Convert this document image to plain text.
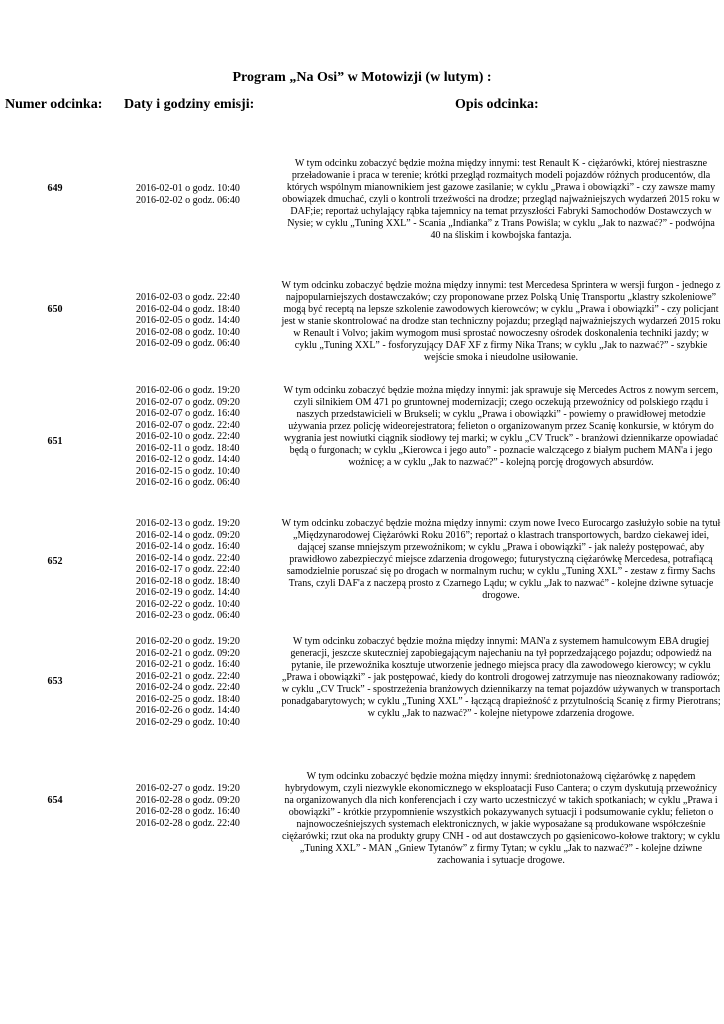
Program „Na Osi” w Motowizji (w lutym) :
Numer odcinka: Daty i godziny emisji:	Opis odcinka:
649	2016-02-01 o godz. 10:40
2016-02-02 o godz. 06:40
W tym odcinku zobaczyć będzie można między innymi: test Renault K - ciężarówki, której niestraszne przeładowanie i praca w terenie; krótki przegląd rozmaitych modeli pojazdów różnych producentów, dla których wspólnym mianownikiem jest gazowe zasilanie; w cyklu „Prawa i obowiązki” - czy zawsze mamy obowiązek dmuchać, czyli o kontroli trzeźwości na drodze; przegląd najważniejszych wydarzeń 2015 roku w DAF;ie; reportaż uchylający rąbka tajemnicy na temat przyszłości Fabryki Samochodów Dostawczych w Nysie; w cyklu „Tuning XXL” - Scania „Indianka” z Trans Powiśla; w cyklu „Jak to nazwać?” - podwójna 40 na śliskim i kowbojska fantazja.
650
2016-02-03 o godz. 22:40
2016-02-04 o godz. 18:40
2016-02-05 o godz. 14:40
2016-02-08 o godz. 10:40
2016-02-09 o godz. 06:40
W tym odcinku zobaczyć będzie można między innymi: test Mercedesa Sprintera w wersji furgon - jednego z najpopularniejszych dostawczaków; czy proponowane przez Polską Unię Transportu „klastry szkoleniowe” mogą być receptą na lepsze szkolenie zawodowych kierowców; w cyklu „Prawa i obowiązki” - czy policjant jest w stanie skontrolować na drodze stan techniczny pojazdu; przegląd najważniejszych wydarzeń 2015 roku w Renault i Volvo; jakim wymogom musi sprostać nowoczesny ośrodek doskonalenia techniki jazdy; w cyklu „Tuning XXL” - fosforyzujący DAF XF z firmy Nika Trans; w cyklu „Jak to nazwać?” - szybkie wejście smoka i nieudolne usiłowanie.
651
2016-02-06 o godz. 19:20
2016-02-07 o godz. 09:20
2016-02-07 o godz. 16:40
2016-02-07 o godz. 22:40
2016-02-10 o godz. 22:40
2016-02-11 o godz. 18:40
2016-02-12 o godz. 14:40
2016-02-15 o godz. 10:40
2016-02-16 o godz. 06:40
W tym odcinku zobaczyć będzie można między innymi: jak sprawuje się Mercedes Actros z nowym sercem, czyli silnikiem OM 471 po gruntownej modernizacji; czego oczekują przewoźnicy od polskiego rządu i naszych przedstawicieli w Brukseli; w cyklu „Prawa i obowiązki” - powiemy o prawidłowej metodzie używania przez policję wideorejestratora; felieton o organizowanym przez Scanię konkursie, w którym do wygrania jest nowiutki ciągnik siodłowy tej marki; w cyklu „CV Truck” - branżowi dziennikarze opowiadać będą o furgonach; w cyklu „Kierowca i jego auto” - poznacie walczącego z białym puchem MAN'a i jego woźnicę; a w cyklu „Jak to nazwać?” - kolejną porcję drogowych absurdów.
652
2016-02-13 o godz. 19:20
2016-02-14 o godz. 09:20
2016-02-14 o godz. 16:40
2016-02-14 o godz. 22:40
2016-02-17 o godz. 22:40
2016-02-18 o godz. 18:40
2016-02-19 o godz. 14:40
2016-02-22 o godz. 10:40
2016-02-23 o godz. 06:40
W tym odcinku zobaczyć będzie można między innymi: czym nowe Iveco Eurocargo zasłużyło sobie na tytuł „Międzynarodowej Ciężarówki Roku 2016”; reportaż o klastrach transportowych, bardzo ciekawej idei, dającej szanse mniejszym przewoźnikom; w cyklu „Prawa i obowiązki” - jak należy postępować, aby prawidłowo zabezpieczyć miejsce zdarzenia drogowego; futurystyczną ciężarówkę Mercedesa, potrafiącą samodzielnie poruszać się po drogach w normalnym ruchu; w cyklu „Tuning XXL” - zestaw z firmy Sachs Trans, czyli DAF'a z naczepą prosto z Czarnego Lądu; w cyklu „Jak to nazwać” - kolejne dziwne sytuacje drogowe.
653
2016-02-20 o godz. 19:20
2016-02-21 o godz. 09:20
2016-02-21 o godz. 16:40
2016-02-21 o godz. 22:40
2016-02-24 o godz. 22:40
2016-02-25 o godz. 18:40
2016-02-26 o godz. 14:40
2016-02-29 o godz. 10:40
W tym odcinku zobaczyć będzie można między innymi: MAN'a z systemem hamulcowym EBA drugiej generacji, jeszcze skuteczniej zapobiegającym najechaniu na tył poprzedzającego pojazdu; odpowiedź na pytanie, ile przewoźnika kosztuje utworzenie jednego miejsca pracy dla zawodowego kierowcy; w cyklu „Prawa i obowiązki” - jak postępować, kiedy do kontroli drogowej zatrzymuje nas nieoznakowany radiowóz; w cyklu „CV Truck” - spostrzeżenia branżowych dziennikarzy na temat pojazdów używanych w transportach ponadgabarytowych; w cyklu „Tuning XXL” - łączącą drapieżność z przytulnością Scanię z firmy Pierotrans; w cyklu „Jak to nazwać?” - kolejne nietypowe zdarzenia drogowe.
654
2016-02-27 o godz. 19:20
2016-02-28 o godz. 09:20
2016-02-28 o godz. 16:40
2016-02-28 o godz. 22:40
W tym odcinku zobaczyć będzie można między innymi: średniotonażową ciężarówkę z napędem hybrydowym, czyli niezwykle ekonomicznego w eksploatacji Fuso Cantera; o czym dyskutują przewoźnicy na organizowanych dla nich konferencjach i czy warto uczestniczyć w takich spotkaniach; w cyklu „Prawa i obowiązki” - krótkie przypomnienie wszystkich pokazywanych sytuacji i podsumowanie cyklu; felieton o najnowocześniejszych systemach elektronicznych, w jakie wyposażane są produkowane współcześnie ciężarówki; rzut oka na produkty grupy CNH - od aut dostawczych po gąsienicowo-kołowe traktory; w cyklu „Tuning XXL” - MAN „Gniew Tytanów” z firmy Tytan; w cyklu „Jak to nazwać?” - kolejne dziwne zachowania i sytuacje drogowe.
